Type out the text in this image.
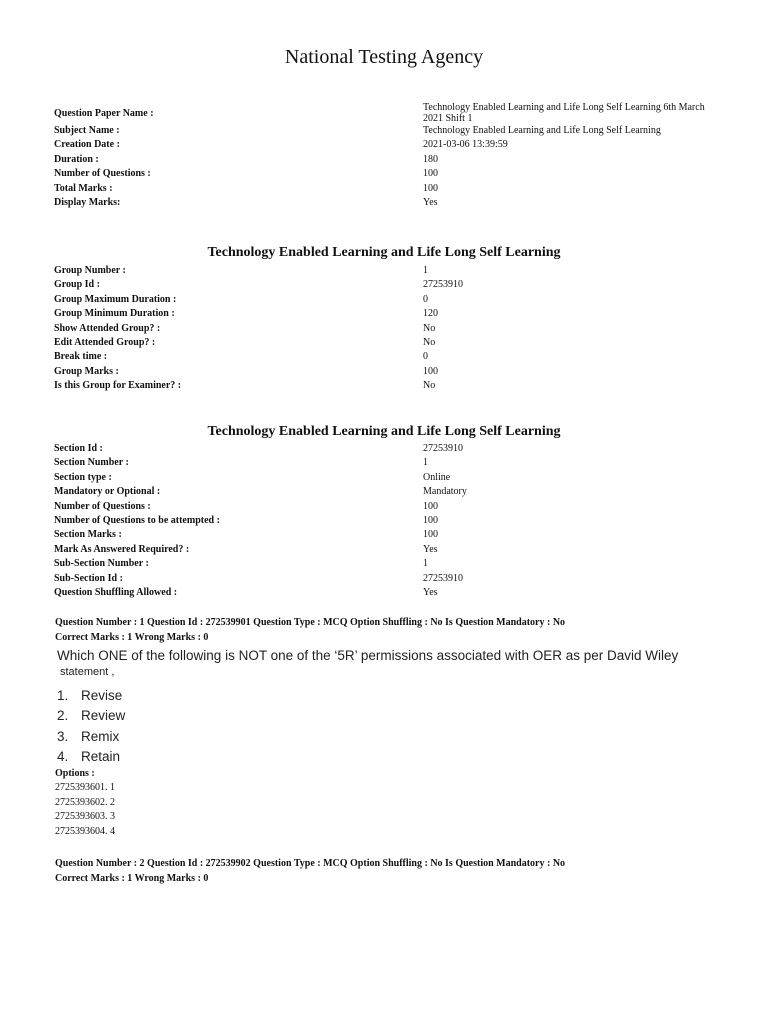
National Testing Agency
Question Paper Name :
Technology Enabled Learning and Life Long Self Learning 6th March 2021 Shift 1
Subject Name :	Technology Enabled Learning and Life Long Self Learning
Creation Date :	2021-03-06 13:39:59
Duration :	180
Number of Questions :	100
Total Marks :	100
Display Marks:	Yes
Technology Enabled Learning and Life Long Self Learning
Group Number :	1
Group Id :	27253910
Group Maximum Duration :	0
Group Minimum Duration :	120
Show Attended Group? :	No
Edit Attended Group? :	No
Break time :	0
Group Marks :	100
Is this Group for Examiner? :	No
Technology Enabled Learning and Life Long Self Learning
Section Id :	27253910
Section Number :	1
Section type :	Online
Mandatory or Optional :	Mandatory
Number of Questions :	100
Number of Questions to be attempted :	100
Section Marks :	100
Mark As Answered Required? :	Yes
Sub-Section Number :	1
Sub-Section Id :	27253910
Question Shuffling Allowed :	Yes
Question Number : 1 Question Id : 272539901 Question Type : MCQ Option Shuffling : No Is Question Mandatory : No
Correct Marks : 1 Wrong Marks : 0
Which ONE of the following is NOT one of the ‘5R’ permissions associated with OER as per David Wiley
statement ,
1. Revise
2. Review
3. Remix
4. Retain
Options :
2725393601. 1
2725393602. 2
2725393603. 3
2725393604. 4
Question Number : 2 Question Id : 272539902 Question Type : MCQ Option Shuffling : No Is Question Mandatory : No
Correct Marks : 1 Wrong Marks : 0
